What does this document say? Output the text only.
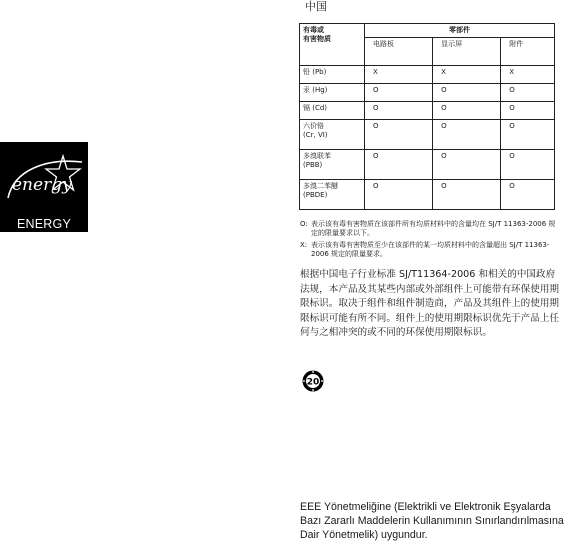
energy
ENERGY STAR
中国
有毒或
有害物质	零部件		
	电路板	显示屏	附件
铅 (Pb)	X	X	X
汞 (Hg)	O	O	O
镉 (Cd)	O	O	O
六价铬
(Cr, VI)	O	O	O
多溴联苯
(PBB)	O	O	O
多溴二苯醚
(PBDE)	O	O	O
O: 表示该有毒有害物质在该部件所有均质材料中的含量均在 SJ/T 11363-2006 规定的限量要求以下。
X: 表示该有毒有害物质至少在该部件的某一均质材料中的含量超出 SJ/T 11363-2006 规定的限量要求。
根据中国电子行业标准 SJ/T11364-2006 和相关的中国政府法规，本产品及其某些内部或外部组件上可能带有环保使用期限标识。取决于组件和组件制造商，产品及其组件上的使用期限标识可能有所不同。组件上的使用期限标识优先于产品上任何与之相冲突的或不同的环保使用期限标识。
20
EEE Yönetmeliğine (Elektrikli ve Elektronik Eşyalarda Bazı Zararlı Maddelerin Kullanımının Sınırlandırılmasına Dair Yönetmelik) uygundur.
